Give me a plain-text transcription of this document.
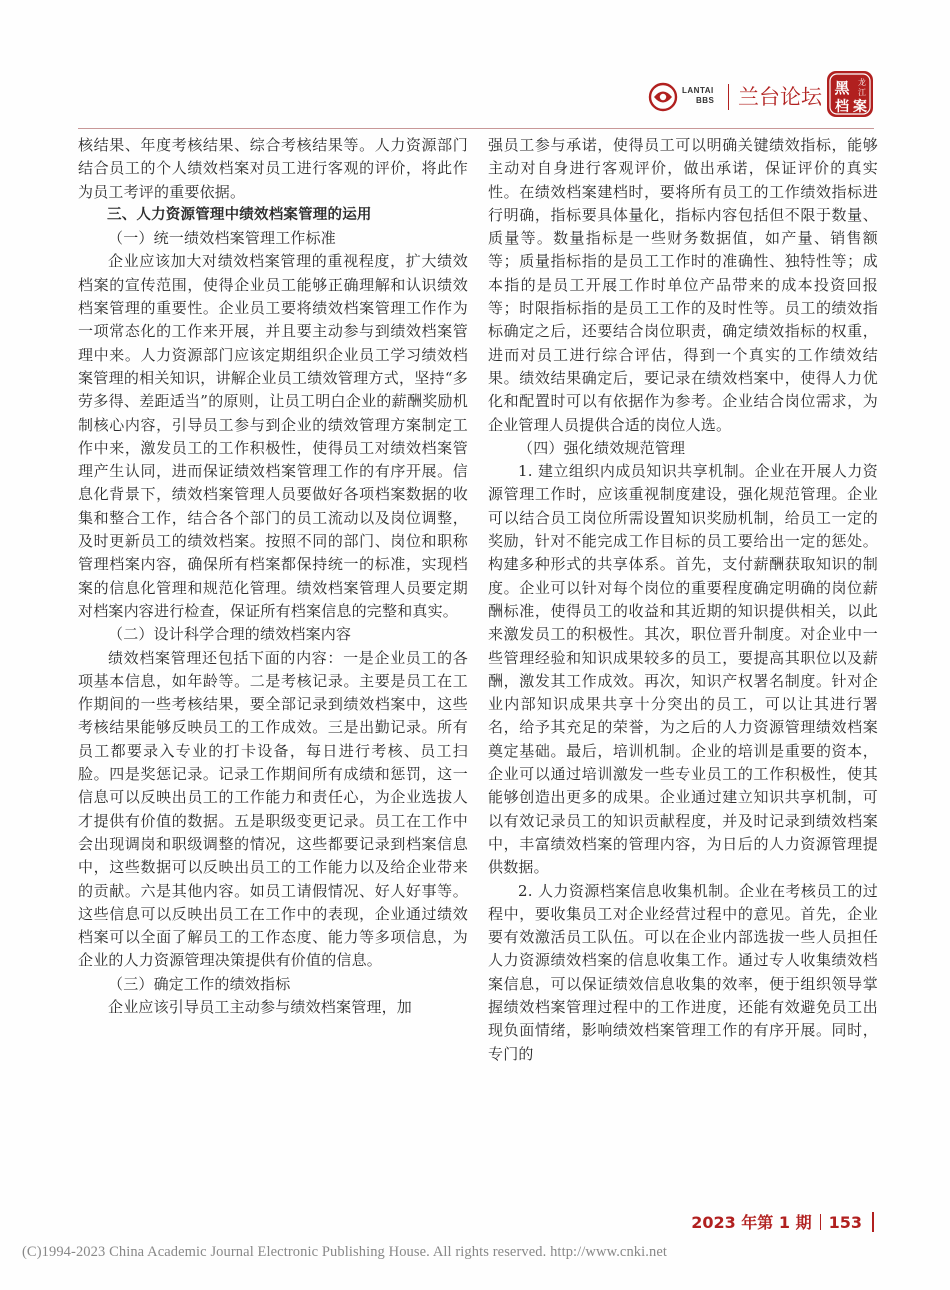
LANTAI
BBS 兰台论坛 黑 龙
江
档 案

核结果、年度考核结果、综合考核结果等。人力资源部门结合员工的个人绩效档案对员工进行客观的评价，将此作为员工考评的重要依据。

三、人力资源管理中绩效档案管理的运用

（一）统一绩效档案管理工作标准

企业应该加大对绩效档案管理的重视程度，扩大绩效档案的宣传范围，使得企业员工能够正确理解和认识绩效档案管理的重要性。企业员工要将绩效档案管理工作作为一项常态化的工作来开展，并且要主动参与到绩效档案管理中来。人力资源部门应该定期组织企业员工学习绩效档案管理的相关知识，讲解企业员工绩效管理方式，坚持“多劳多得、差距适当”的原则，让员工明白企业的薪酬奖励机制核心内容，引导员工参与到企业的绩效管理方案制定工作中来，激发员工的工作积极性，使得员工对绩效档案管理产生认同，进而保证绩效档案管理工作的有序开展。信息化背景下，绩效档案管理人员要做好各项档案数据的收集和整合工作，结合各个部门的员工流动以及岗位调整，及时更新员工的绩效档案。按照不同的部门、岗位和职称管理档案内容，确保所有档案都保持统一的标准，实现档案的信息化管理和规范化管理。绩效档案管理人员要定期对档案内容进行检查，保证所有档案信息的完整和真实。

（二）设计科学合理的绩效档案内容

绩效档案管理还包括下面的内容：一是企业员工的各项基本信息，如年龄等。二是考核记录。主要是员工在工作期间的一些考核结果，要全部记录到绩效档案中，这些考核结果能够反映员工的工作成效。三是出勤记录。所有员工都要录入专业的打卡设备，每日进行考核、员工扫脸。四是奖惩记录。记录工作期间所有成绩和惩罚，这一信息可以反映出员工的工作能力和责任心，为企业选拔人才提供有价值的数据。五是职级变更记录。员工在工作中会出现调岗和职级调整的情况，这些都要记录到档案信息中，这些数据可以反映出员工的工作能力以及给企业带来的贡献。六是其他内容。如员工请假情况、好人好事等。这些信息可以反映出员工在工作中的表现，企业通过绩效档案可以全面了解员工的工作态度、能力等多项信息，为企业的人力资源管理决策提供有价值的信息。

（三）确定工作的绩效指标

企业应该引导员工主动参与绩效档案管理，加

强员工参与承诺，使得员工可以明确关键绩效指标，能够主动对自身进行客观评价，做出承诺，保证评价的真实性。在绩效档案建档时，要将所有员工的工作绩效指标进行明确，指标要具体量化，指标内容包括但不限于数量、质量等。数量指标是一些财务数据值，如产量、销售额等；质量指标指的是员工工作时的准确性、独特性等；成本指的是员工开展工作时单位产品带来的成本投资回报等；时限指标指的是员工工作的及时性等。员工的绩效指标确定之后，还要结合岗位职责，确定绩效指标的权重，进而对员工进行综合评估，得到一个真实的工作绩效结果。绩效结果确定后，要记录在绩效档案中，使得人力优化和配置时可以有依据作为参考。企业结合岗位需求，为企业管理人员提供合适的岗位人选。

（四）强化绩效规范管理

1. 建立组织内成员知识共享机制。企业在开展人力资源管理工作时，应该重视制度建设，强化规范管理。企业可以结合员工岗位所需设置知识奖励机制，给员工一定的奖励，针对不能完成工作目标的员工要给出一定的惩处。构建多种形式的共享体系。首先，支付薪酬获取知识的制度。企业可以针对每个岗位的重要程度确定明确的岗位薪酬标准，使得员工的收益和其近期的知识提供相关，以此来激发员工的积极性。其次，职位晋升制度。对企业中一些管理经验和知识成果较多的员工，要提高其职位以及薪酬，激发其工作成效。再次，知识产权署名制度。针对企业内部知识成果共享十分突出的员工，可以让其进行署名，给予其充足的荣誉，为之后的人力资源管理绩效档案奠定基础。最后，培训机制。企业的培训是重要的资本，企业可以通过培训激发一些专业员工的工作积极性，使其能够创造出更多的成果。企业通过建立知识共享机制，可以有效记录员工的知识贡献程度，并及时记录到绩效档案中，丰富绩效档案的管理内容，为日后的人力资源管理提供数据。

2. 人力资源档案信息收集机制。企业在考核员工的过程中，要收集员工对企业经营过程中的意见。首先，企业要有效激活员工队伍。可以在企业内部选拔一些人员担任人力资源绩效档案的信息收集工作。通过专人收集绩效档案信息，可以保证绩效信息收集的效率，便于组织领导掌握绩效档案管理过程中的工作进度，还能有效避免员工出现负面情绪，影响绩效档案管理工作的有序开展。同时，专门的

2023 年第 1 期 153
(C)1994-2023 China Academic Journal Electronic Publishing House. All rights reserved. http://www.cnki.net
